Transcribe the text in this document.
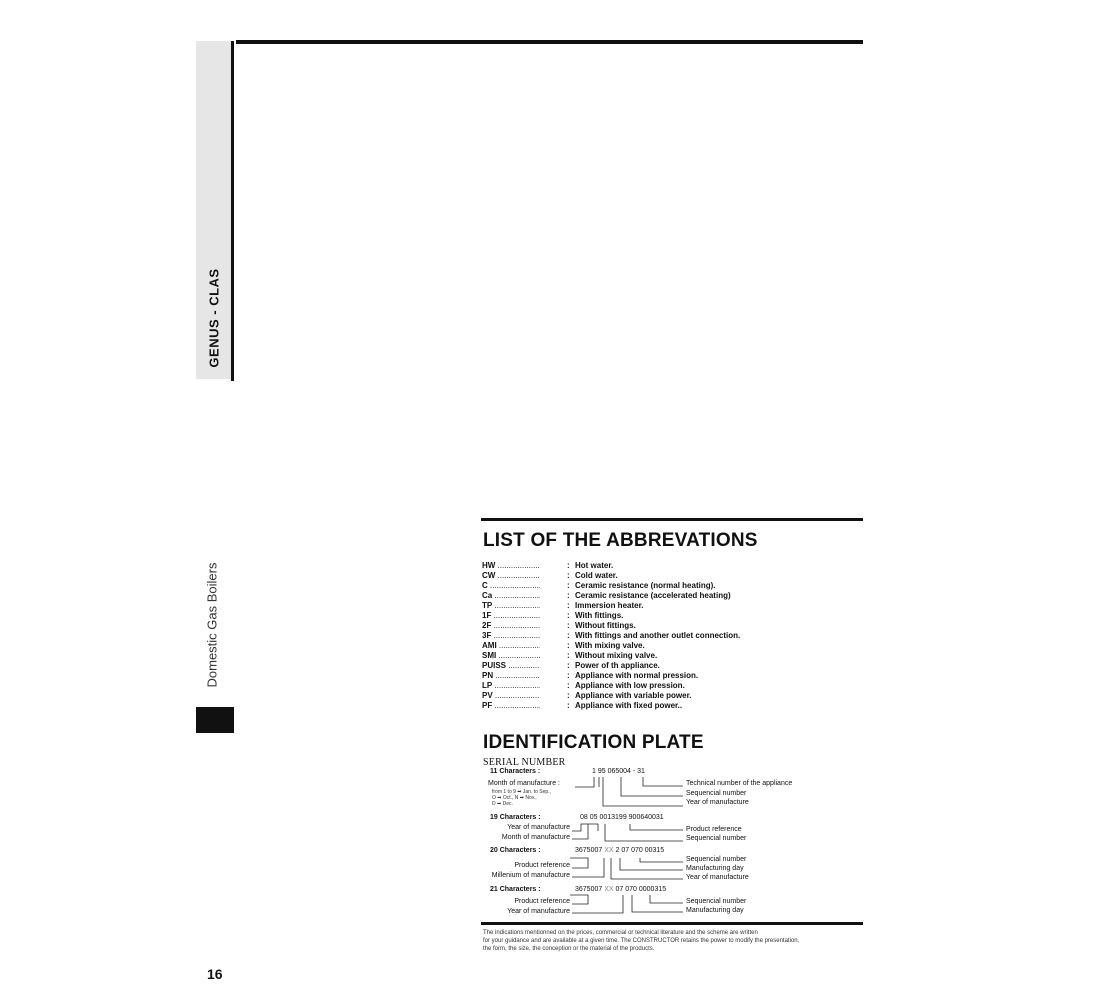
GENUS - CLAS
Domestic Gas Boilers
16
LIST OF THE ABBREVATIONS
HW .....	: Hot water.
CW .....	: Cold water.
C .....	: Ceramic resistance (normal heating).
Ca .....	: Ceramic resistance (accelerated heating)
TP .....	: Immersion heater.
1F .....	: With fittings.
2F .....	: Without fittings.
3F .....	: With fittings and another outlet connection.
AMI .....	: With mixing valve.
SMI .....	: Without mixing valve.
PUISS .....	: Power of th appliance.
PN .....	: Appliance with normal pression.
LP .....	: Appliance with low pression.
PV .....	: Appliance with variable power.
PF .....	: Appliance with fixed power..
IDENTIFICATION PLATE
SERIAL NUMBER
11 Characters :	1 95 065004 - 31
Month of manufacture :
from 1 to 9 ➡ Jan. to Sep.,
O ➡ Oct., N ➡ Nov.,
D ➡ Dec.
Technical number of the appliance
Sequencial number
Year of manufacture
19 Characters :	08 05 0013199 900640031
Year of manufacture
Month of manufacture
Product reference
Sequencial number
20 Characters :	3675007 XX 2 07 070 00315
Product reference
Millenium of manufacture
Sequencial number
Manufacturing day
Year of manufacture
21 Characters :	3675007 XX 07 070 0000315
Product reference
Year of manufacture
Sequencial number
Manufacturing day
The indications mentionned on the prices, commercial or technical literature and the scheme are written
for your guidance and are available at a given time. The CONSTRUCTOR retains the power to modify the presentation,
the form, the size, the conception or the material of the products.
